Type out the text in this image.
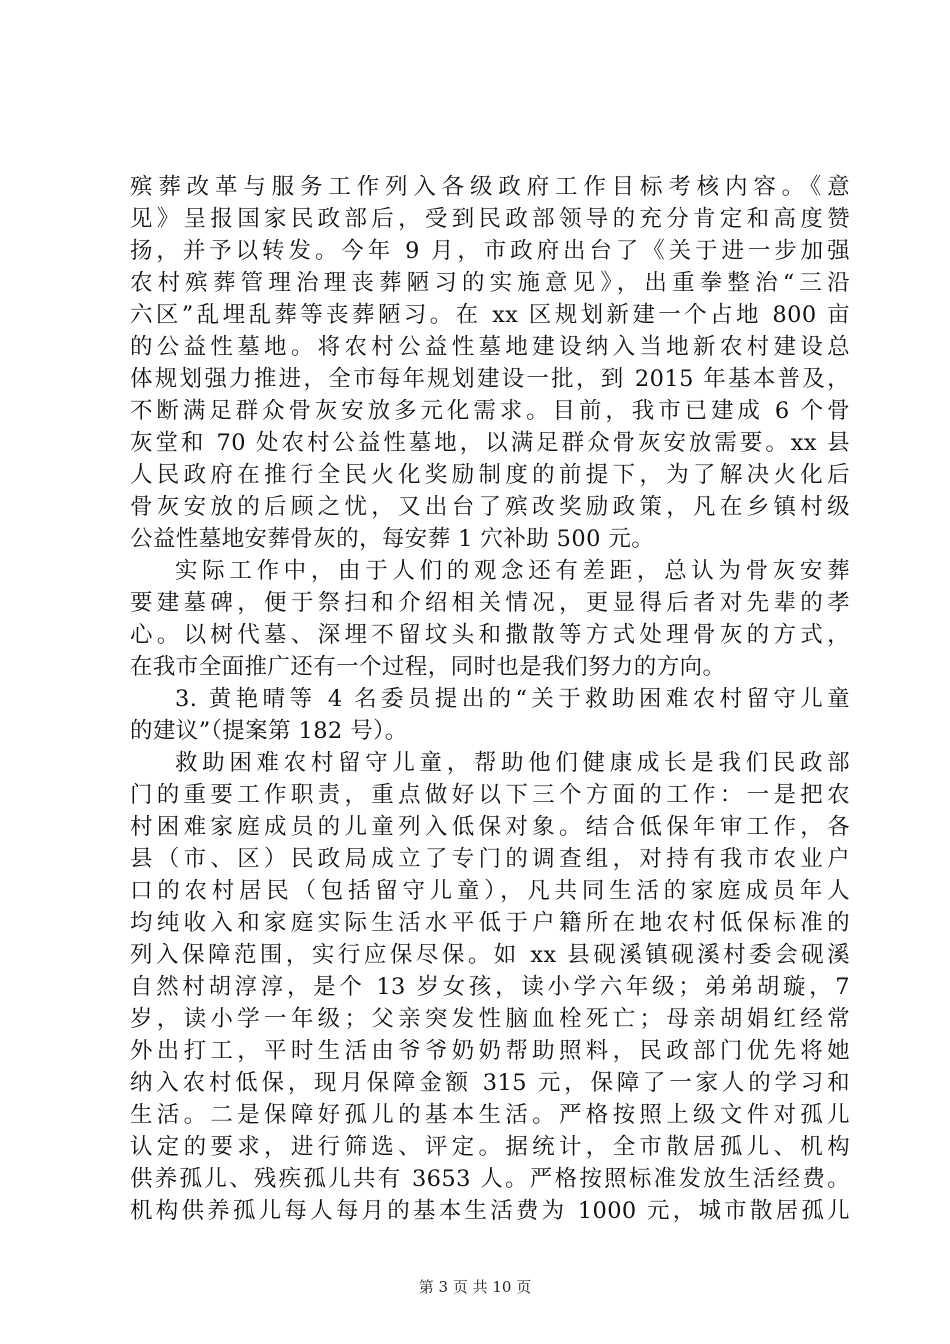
殡葬改革与服务工作列入各级政府工作目标考核内容。《意
见》呈报国家民政部后，受到民政部领导的充分肯定和高度赞
扬，并予以转发。今年 9 月，市政府出台了《关于进一步加强
农村殡葬管理治理丧葬陋习的实施意见》，出重拳整治“三沿
六区”乱埋乱葬等丧葬陋习。在 xx 区规划新建一个占地 800 亩
的公益性墓地。将农村公益性墓地建设纳入当地新农村建设总
体规划强力推进，全市每年规划建设一批，到 2015 年基本普及，
不断满足群众骨灰安放多元化需求。目前，我市已建成 6 个骨
灰堂和 70 处农村公益性墓地，以满足群众骨灰安放需要。xx 县
人民政府在推行全民火化奖励制度的前提下，为了解决火化后
骨灰安放的后顾之忧，又出台了殡改奖励政策，凡在乡镇村级
公益性墓地安葬骨灰的，每安葬 1 穴补助 500 元。
实际工作中，由于人们的观念还有差距，总认为骨灰安葬
要建墓碑，便于祭扫和介绍相关情况，更显得后者对先辈的孝
心。以树代墓、深埋不留坟头和撒散等方式处理骨灰的方式，
在我市全面推广还有一个过程，同时也是我们努力的方向。
3. 黄艳晴等 4 名委员提出的“关于救助困难农村留守儿童
的建议”（提案第 182 号）。
救助困难农村留守儿童，帮助他们健康成长是我们民政部
门的重要工作职责，重点做好以下三个方面的工作：一是把农
村困难家庭成员的儿童列入低保对象。结合低保年审工作，各
县（市、区）民政局成立了专门的调查组，对持有我市农业户
口的农村居民（包括留守儿童），凡共同生活的家庭成员年人
均纯收入和家庭实际生活水平低于户籍所在地农村低保标准的
列入保障范围，实行应保尽保。如 xx 县砚溪镇砚溪村委会砚溪
自然村胡淳淳，是个 13 岁女孩，读小学六年级；弟弟胡璇，7
岁，读小学一年级；父亲突发性脑血栓死亡；母亲胡娟红经常
外出打工，平时生活由爷爷奶奶帮助照料，民政部门优先将她
纳入农村低保，现月保障金额 315 元，保障了一家人的学习和
生活。二是保障好孤儿的基本生活。严格按照上级文件对孤儿
认定的要求，进行筛选、评定。据统计，全市散居孤儿、机构
供养孤儿、残疾孤儿共有 3653 人。严格按照标准发放生活经费。
机构供养孤儿每人每月的基本生活费为 1000 元，城市散居孤儿
第 3 页 共 10 页
